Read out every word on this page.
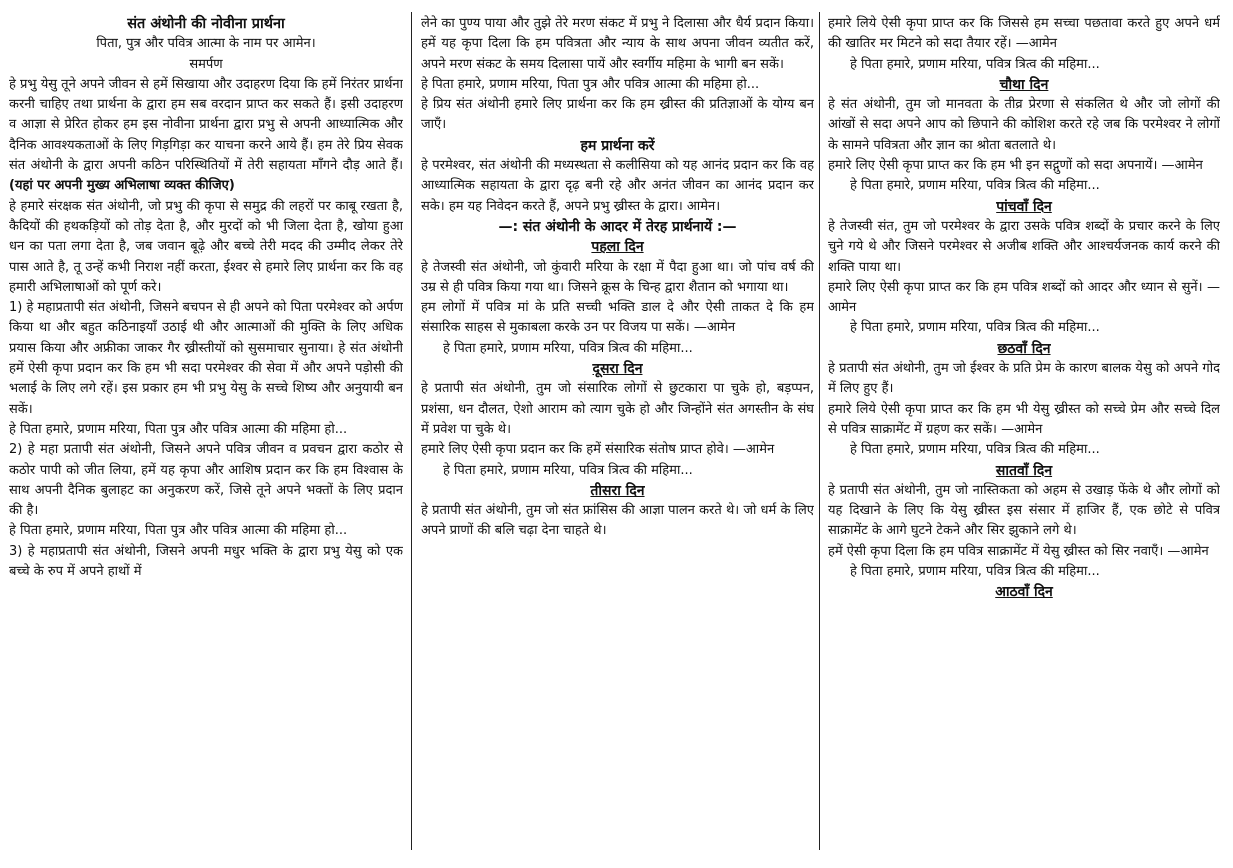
संत अंथोनी की नोवीना प्रार्थना

पिता, पुत्र और पवित्र आत्मा के नाम पर आमेन।

समर्पण

हे प्रभु येसु तूने अपने जीवन से हमें सिखाया और उदाहरण दिया कि हमें निरंतर प्रार्थना करनी चाहिए तथा प्रार्थना के द्वारा हम सब वरदान प्राप्त कर सकते हैं। इसी उदाहरण व आज्ञा से प्रेरित होकर हम इस नोवीना प्रार्थना द्वारा प्रभु से अपनी आध्यात्मिक और दैनिक आवश्यकताओं के लिए गिड़गिड़ा कर याचना करने आये हैं। हम तेरे प्रिय सेवक संत अंथोनी के द्वारा अपनी कठिन परिस्थितियों में तेरी सहायता माँगने दौड़ आते हैं। (यहां पर अपनी मुख्य अभिलाषा व्यक्त कीजिए)

हे हमारे संरक्षक संत अंथोनी, जो प्रभु की कृपा से समुद्र की लहरों पर काबू रखता है, कैदियों की हथकड़ियों को तोड़ देता है, और मुरदों को भी जिला देता है, खोया हुआ धन का पता लगा देता है, जब जवान बूढ़े और बच्चे तेरी मदद की उम्मीद लेकर तेरे पास आते है, तू उन्हें कभी निराश नहीं करता, ईश्वर से हमारे लिए प्रार्थना कर कि वह हमारी अभिलाषाओं को पूर्ण करे।

1) हे महाप्रतापी संत अंथोनी, जिसने बचपन से ही अपने को पिता परमेश्वर को अर्पण किया था और बहुत कठिनाइयाँ उठाई थी और आत्माओं की मुक्ति के लिए अधिक प्रयास किया और अफ्रीका जाकर गैर ख्रीस्तीयों को सुसमाचार सुनाया। हे संत अंथोनी हमें ऐसी कृपा प्रदान कर कि हम भी सदा परमेश्वर की सेवा में और अपने पड़ोसी की भलाई के लिए लगे रहें। इस प्रकार हम भी प्रभु येसु के सच्चे शिष्य और अनुयायी बन सकें।

हे पिता हमारे, प्रणाम मरिया, पिता पुत्र और पवित्र आत्मा की महिमा हो...

2) हे महा प्रतापी संत अंथोनी, जिसने अपने पवित्र जीवन व प्रवचन द्वारा कठोर से कठोर पापी को जीत लिया, हमें यह कृपा और आशिष प्रदान कर कि हम विश्वास के साथ अपनी दैनिक बुलाहट का अनुकरण करें, जिसे तूने अपने भक्तों के लिए प्रदान की है।

हे पिता हमारे, प्रणाम मरिया, पिता पुत्र और पवित्र आत्मा की महिमा हो...

3) हे महाप्रतापी संत अंथोनी, जिसने अपनी मधुर भक्ति के द्वारा प्रभु येसु को एक बच्चे के रुप में अपने हाथों में

लेने का पुण्य पाया और तुझे तेरे मरण संकट में प्रभु ने दिलासा और धैर्य प्रदान किया। हमें यह कृपा दिला कि हम पवित्रता और न्याय के साथ अपना जीवन व्यतीत करें, अपने मरण संकट के समय दिलासा पायें और स्वर्गीय महिमा के भागी बन सकें।

हे पिता हमारे, प्रणाम मरिया, पिता पुत्र और पवित्र आत्मा की महिमा हो...

हे प्रिय संत अंथोनी हमारे लिए प्रार्थना कर कि हम ख्रीस्त की प्रतिज्ञाओं के योग्य बन जाएँ।

हम प्रार्थना करें

हे परमेश्वर, संत अंथोनी की मध्यस्थता से कलीसिया को यह आनंद प्रदान कर कि वह आध्यात्मिक सहायता के द्वारा दृढ़ बनी रहे और अनंत जीवन का आनंद प्रदान कर सके। हम यह निवेदन करते हैं, अपने प्रभु ख्रीस्त के द्वारा। आमेन।

—: संत अंथोनी के आदर में तेरह प्रार्थनायें :—

पहला दिन

हे तेजस्वी संत अंथोनी, जो कुंवारी मरिया के रक्षा में पैदा हुआ था। जो पांच वर्ष की उम्र से ही पवित्र किया गया था। जिसने क्रूस के चिन्ह द्वारा शैतान को भगाया था।

हम लोगों में पवित्र मां के प्रति सच्ची भक्ति डाल दे और ऐसी ताकत दे कि हम संसारिक साहस से मुकाबला करके उन पर विजय पा सकें। —आमेन

हे पिता हमारे, प्रणाम मरिया, पवित्र त्रित्व की महिमा...

दूसरा दिन

हे प्रतापी संत अंथोनी, तुम जो संसारिक लोगों से छुटकारा पा चुके हो, बड़प्पन, प्रशंसा, धन दौलत, ऐशो आराम को त्याग चुके हो और जिन्होंने संत अगस्तीन के संघ में प्रवेश पा चुके थे।

हमारे लिए ऐसी कृपा प्रदान कर कि हमें संसारिक संतोष प्राप्त होवे। —आमेन

हे पिता हमारे, प्रणाम मरिया, पवित्र त्रित्व की महिमा...

तीसरा दिन

हे प्रतापी संत अंथोनी, तुम जो संत फ्रांसिस की आज्ञा पालन करते थे। जो धर्म के लिए अपने प्राणों की बलि चढ़ा देना चाहते थे।

हमारे लिये ऐसी कृपा प्राप्त कर कि जिससे हम सच्चा पछतावा करते हुए अपने धर्म की खातिर मर मिटने को सदा तैयार रहें। —आमेन

हे पिता हमारे, प्रणाम मरिया, पवित्र त्रित्व की महिमा...

चौथा दिन

हे संत अंथोनी, तुम जो मानवता के तीव्र प्रेरणा से संकलित थे और जो लोगों की आंखों से सदा अपने आप को छिपाने की कोशिश करते रहे जब कि परमेश्वर ने लोगों के सामने पवित्रता और ज्ञान का श्रोता बतलाते थे।

हमारे लिए ऐसी कृपा प्राप्त कर कि हम भी इन सद्गुणों को सदा अपनायें। —आमेन

हे पिता हमारे, प्रणाम मरिया, पवित्र त्रित्व की महिमा...

पांचवाँ दिन

हे तेजस्वी संत, तुम जो परमेश्वर के द्वारा उसके पवित्र शब्दों के प्रचार करने के लिए चुने गये थे और जिसने परमेश्वर से अजीब शक्ति और आश्चर्यजनक कार्य करने की शक्ति पाया था।

हमारे लिए ऐसी कृपा प्राप्त कर कि हम पवित्र शब्दों को आदर और ध्यान से सुनें। —आमेन

हे पिता हमारे, प्रणाम मरिया, पवित्र त्रित्व की महिमा...

छठवाँ दिन

हे प्रतापी संत अंथोनी, तुम जो ईश्वर के प्रति प्रेम के कारण बालक येसु को अपने गोद में लिए हुए हैं।

हमारे लिये ऐसी कृपा प्राप्त कर कि हम भी येसु ख्रीस्त को सच्चे प्रेम और सच्चे दिल से पवित्र साक्रामेंट में ग्रहण कर सकें। —आमेन

हे पिता हमारे, प्रणाम मरिया, पवित्र त्रित्व की महिमा...

सातवाँ दिन

हे प्रतापी संत अंथोनी, तुम जो नास्तिकता को अहम से उखाड़ फेंके थे और लोगों को यह दिखाने के लिए कि येसु ख्रीस्त इस संसार में हाजिर हैं, एक छोटे से पवित्र साक्रामेंट के आगे घुटने टेकने और सिर झुकाने लगे थे।

हमें ऐसी कृपा दिला कि हम पवित्र साक्रामेंट में येसु ख्रीस्त को सिर नवाएँ। —आमेन

हे पिता हमारे, प्रणाम मरिया, पवित्र त्रित्व की महिमा...

आठवाँ दिन
